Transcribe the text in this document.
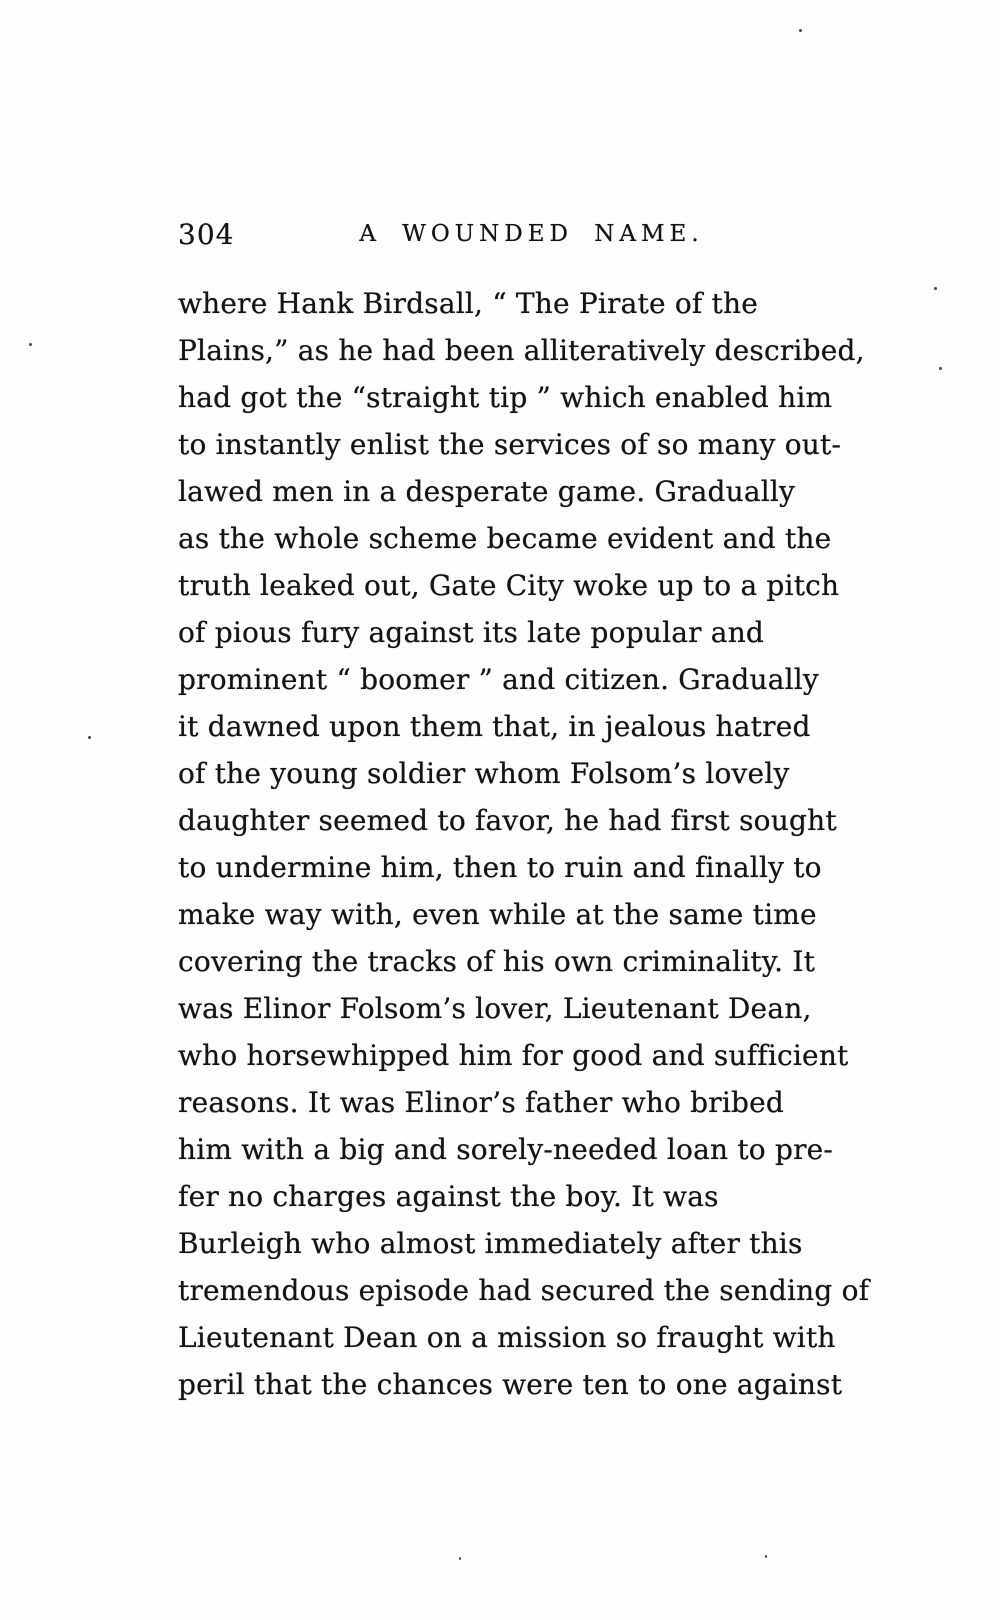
304	A WOUNDED NAME.
where Hank Birdsall, “ The Pirate of the
Plains,” as he had been alliteratively described,
had got the “straight tip ” which enabled him
to instantly enlist the services of so many out-
lawed men in a desperate game. Gradually
as the whole scheme became evident and the
truth leaked out, Gate City woke up to a pitch
of pious fury against its late popular and
prominent “ boomer ” and citizen. Gradually
it dawned upon them that, in jealous hatred
of the young soldier whom Folsom’s lovely
daughter seemed to favor, he had first sought
to undermine him, then to ruin and finally to
make way with, even while at the same time
covering the tracks of his own criminality. It
was Elinor Folsom’s lover, Lieutenant Dean,
who horsewhipped him for good and sufficient
reasons. It was Elinor’s father who bribed
him with a big and sorely-needed loan to pre-
fer no charges against the boy. It was
Burleigh who almost immediately after this
tremendous episode had secured the sending of
Lieutenant Dean on a mission so fraught with
peril that the chances were ten to one against
